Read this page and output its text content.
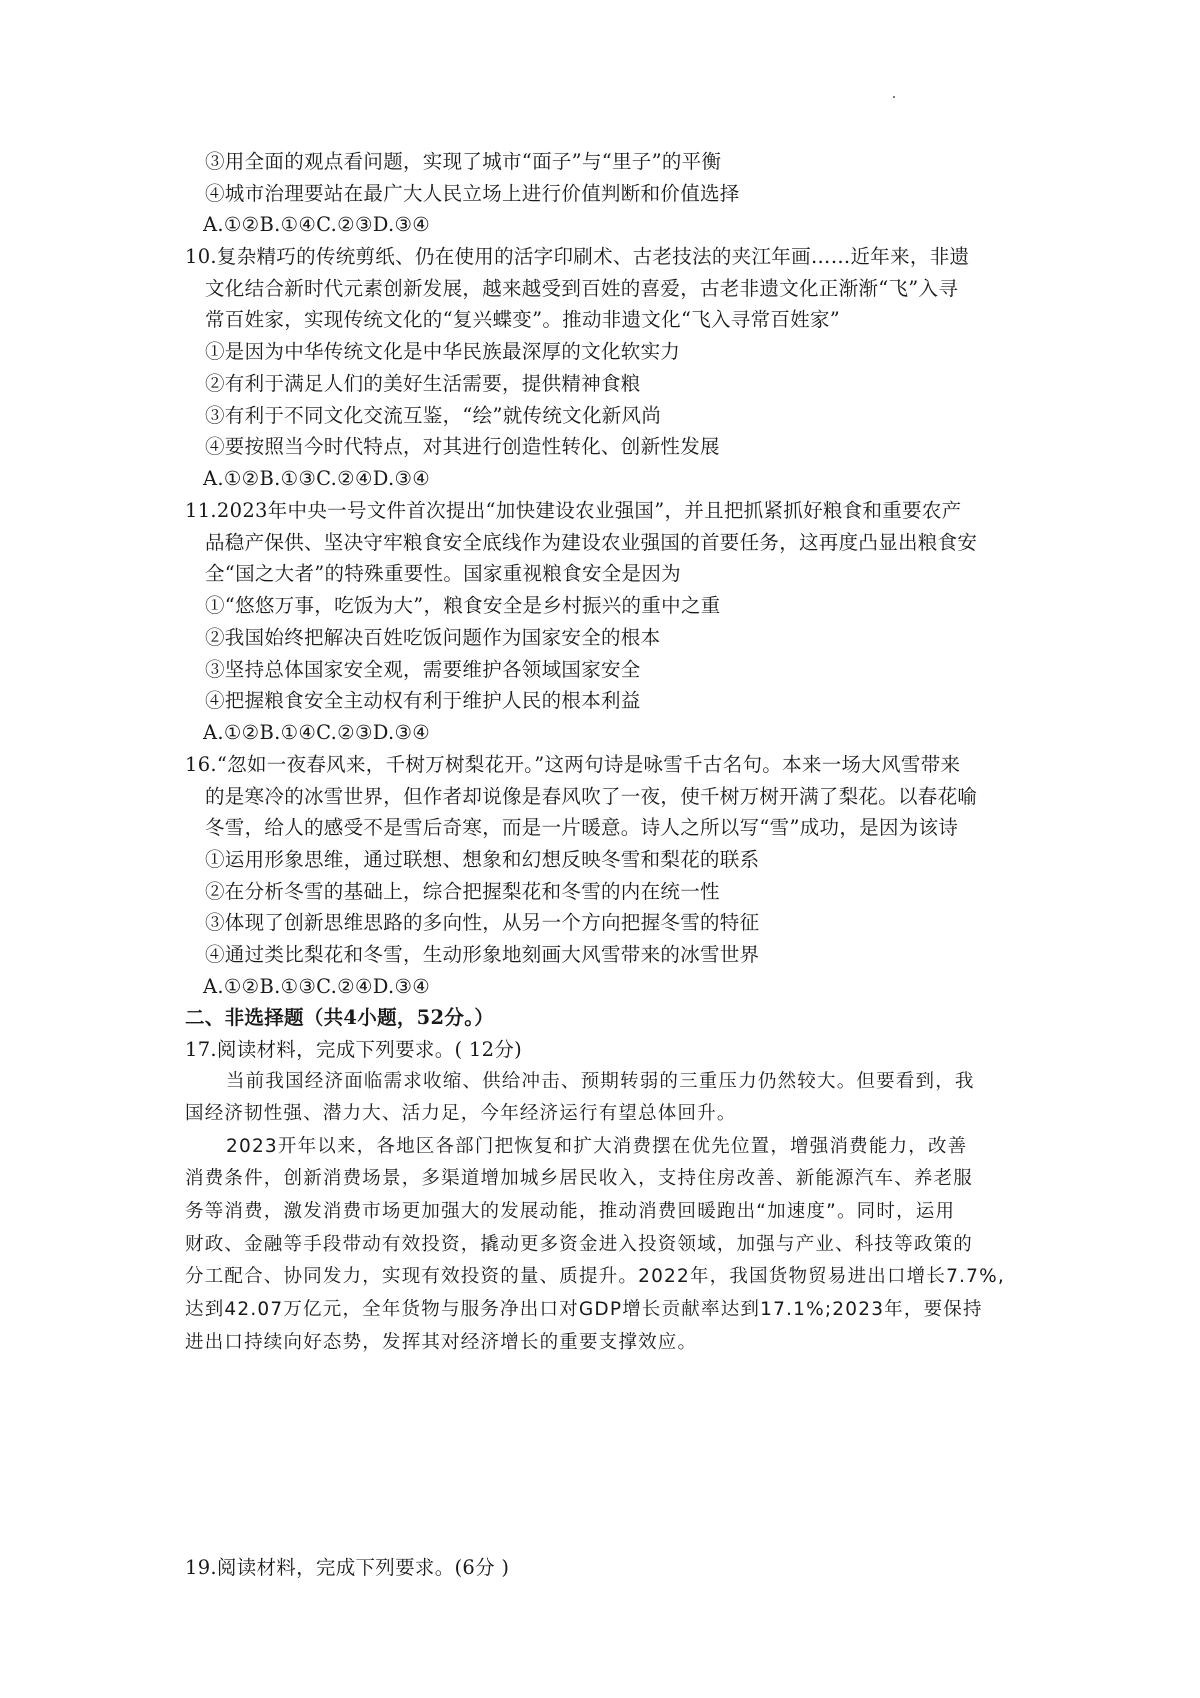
③用全面的观点看问题，实现了城市“面子”与“里子”的平衡
④城市治理要站在最广大人民立场上进行价值判断和价值选择
A.①②B.①④C.②③D.③④
10.复杂精巧的传统剪纸、仍在使用的活字印刷术、古老技法的夹江年画……近年来，非遗
文化结合新时代元素创新发展，越来越受到百姓的喜爱，古老非遗文化正渐渐“飞”入寻
常百姓家，实现传统文化的“复兴蝶变”。推动非遗文化“飞入寻常百姓家”
①是因为中华传统文化是中华民族最深厚的文化软实力
②有利于满足人们的美好生活需要，提供精神食粮
③有利于不同文化交流互鉴，“绘”就传统文化新风尚
④要按照当今时代特点，对其进行创造性转化、创新性发展
A.①②B.①③C.②④D.③④
11.2023年中央一号文件首次提出“加快建设农业强国”，并且把抓紧抓好粮食和重要农产
品稳产保供、坚决守牢粮食安全底线作为建设农业强国的首要任务，这再度凸显出粮食安
全“国之大者”的特殊重要性。国家重视粮食安全是因为
①“悠悠万事，吃饭为大”，粮食安全是乡村振兴的重中之重
②我国始终把解决百姓吃饭问题作为国家安全的根本
③坚持总体国家安全观，需要维护各领域国家安全
④把握粮食安全主动权有利于维护人民的根本利益
A.①②B.①④C.②③D.③④
16.“忽如一夜春风来，千树万树梨花开。”这两句诗是咏雪千古名句。本来一场大风雪带来
的是寒冷的冰雪世界，但作者却说像是春风吹了一夜，使千树万树开满了梨花。以春花喻
冬雪，给人的感受不是雪后奇寒，而是一片暖意。诗人之所以写“雪”成功，是因为该诗
①运用形象思维，通过联想、想象和幻想反映冬雪和梨花的联系
②在分析冬雪的基础上，综合把握梨花和冬雪的内在统一性
③体现了创新思维思路的多向性，从另一个方向把握冬雪的特征
④通过类比梨花和冬雪，生动形象地刻画大风雪带来的冰雪世界
A.①②B.①③C.②④D.③④
二、非选择题（共4小题，52分。）
17.阅读材料，完成下列要求。( 12分)
当前我国经济面临需求收缩、供给冲击、预期转弱的三重压力仍然较大。但要看到，我
国经济韧性强、潜力大、活力足，今年经济运行有望总体回升。
2023开年以来，各地区各部门把恢复和扩大消费摆在优先位置，增强消费能力，改善
消费条件，创新消费场景，多渠道增加城乡居民收入，支持住房改善、新能源汽车、养老服
务等消费，激发消费市场更加强大的发展动能，推动消费回暖跑出“加速度”。同时，运用
财政、金融等手段带动有效投资，撬动更多资金进入投资领域，加强与产业、科技等政策的
分工配合、协同发力，实现有效投资的量、质提升。2022年，我国货物贸易进出口增长7.7%,
达到42.07万亿元，全年货物与服务净出口对GDP增长贡献率达到17.1%;2023年，要保持
进出口持续向好态势，发挥其对经济增长的重要支撑效应。
19.阅读材料，完成下列要求。(6分 )
